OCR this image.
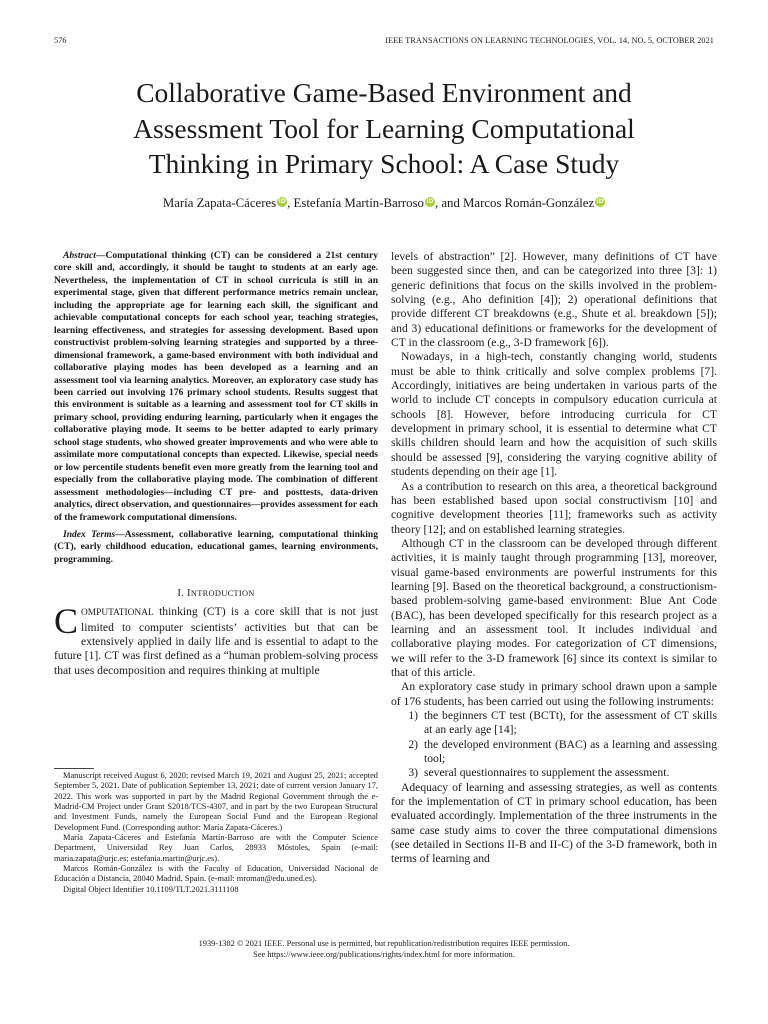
576	IEEE TRANSACTIONS ON LEARNING TECHNOLOGIES, VOL. 14, NO. 5, OCTOBER 2021
Collaborative Game-Based Environment and
Assessment Tool for Learning Computational
Thinking in Primary School: A Case Study
María Zapata-Cáceres iD, Estefanía Martín-Barroso iD, and Marcos Román-González iD

Abstract—Computational thinking (CT) can be considered a 21st century core skill and, accordingly, it should be taught to students at an early age. Nevertheless, the implementation of CT in school curricula is still in an experimental stage, given that different performance metrics remain unclear, including the appropriate age for learning each skill, the significant and achievable computational concepts for each school year, teaching strategies, learning effectiveness, and strategies for assessing development. Based upon constructivist problem-solving learning strategies and supported by a three-dimensional framework, a game-based environment with both individual and collaborative playing modes has been developed as a learning and an assessment tool via learning analytics. Moreover, an exploratory case study has been carried out involving 176 primary school students. Results suggest that this environment is suitable as a learning and assessment tool for CT skills in primary school, providing enduring learning, particularly when it engages the collaborative playing mode. It seems to be better adapted to early primary school stage students, who showed greater improvements and who were able to assimilate more computational concepts than expected. Likewise, special needs or low percentile students benefit even more greatly from the learning tool and especially from the collaborative playing mode. The combination of different assessment methodologies—including CT pre- and posttests, data-driven analytics, direct observation, and questionnaires—provides assessment for each of the framework computational dimensions.

Index Terms—Assessment, collaborative learning, computational thinking (CT), early childhood education, educational games, learning environments, programming.

I. INTRODUCTION

COMPUTATIONAL thinking (CT) is a core skill that is not just limited to computer scientists’ activities but that can be extensively applied in daily life and is essential to adapt to the future [1]. CT was first defined as a “human problem-solving process that uses decomposition and requires thinking at multiple

Manuscript received August 6, 2020; revised March 19, 2021 and August 25, 2021; accepted September 5, 2021. Date of publication September 13, 2021; date of current version January 17, 2022. This work was supported in part by the Madrid Regional Government through the e-Madrid-CM Project under Grant S2018/TCS-4307, and in part by the two European Structural and Investment Funds, namely the European Social Fund and the European Regional Development Fund. (Corresponding author: María Zapata-Cáceres.)

María Zapata-Cáceres and Estefanía Martín-Barroso are with the Computer Science Department, Universidad Rey Juan Carlos, 28933 Móstoles, Spain (e-mail: maria.zapata@urjc.es; estefania.martin@urjc.es).

Marcos Román-González is with the Faculty of Education, Universidad Nacional de Educación a Distancia, 28040 Madrid, Spain. (e-mail: mroman@edu.uned.es).

Digital Object Identifier 10.1109/TLT.2021.3111108

levels of abstraction” [2]. However, many definitions of CT have been suggested since then, and can be categorized into three [3]: 1) generic definitions that focus on the skills involved in the problem-solving (e.g., Aho definition [4]); 2) operational definitions that provide different CT breakdowns (e.g., Shute et al. breakdown [5]); and 3) educational definitions or frameworks for the development of CT in the classroom (e.g., 3-D framework [6]).

Nowadays, in a high-tech, constantly changing world, students must be able to think critically and solve complex problems [7]. Accordingly, initiatives are being undertaken in various parts of the world to include CT concepts in compulsory education curricula at schools [8]. However, before introducing curricula for CT development in primary school, it is essential to determine what CT skills children should learn and how the acquisition of such skills should be assessed [9], considering the varying cognitive ability of students depending on their age [1].

As a contribution to research on this area, a theoretical background has been established based upon social constructivism [10] and cognitive development theories [11]; frameworks such as activity theory [12]; and on established learning strategies.

Although CT in the classroom can be developed through different activities, it is mainly taught through programming [13], moreover, visual game-based environments are powerful instruments for this learning [9]. Based on the theoretical background, a constructionism-based problem-solving game-based environment: Blue Ant Code (BAC), has been developed specifically for this research project as a learning and an assessment tool. It includes individual and collaborative playing modes. For categorization of CT dimensions, we will refer to the 3-D framework [6] since its context is similar to that of this article.

An exploratory case study in primary school drawn upon a sample of 176 students, has been carried out using the following instruments:

1) the beginners CT test (BCTt), for the assessment of CT skills at an early age [14];
2) the developed environment (BAC) as a learning and assessing tool;
3) several questionnaires to supplement the assessment.

Adequacy of learning and assessing strategies, as well as contents for the implementation of CT in primary school education, has been evaluated accordingly. Implementation of the three instruments in the same case study aims to cover the three computational dimensions (see detailed in Sections II-B and II-C) of the 3-D framework, both in terms of learning and

1939-1382 © 2021 IEEE. Personal use is permitted, but republication/redistribution requires IEEE permission.
See https://www.ieee.org/publications/rights/index.html for more information.
